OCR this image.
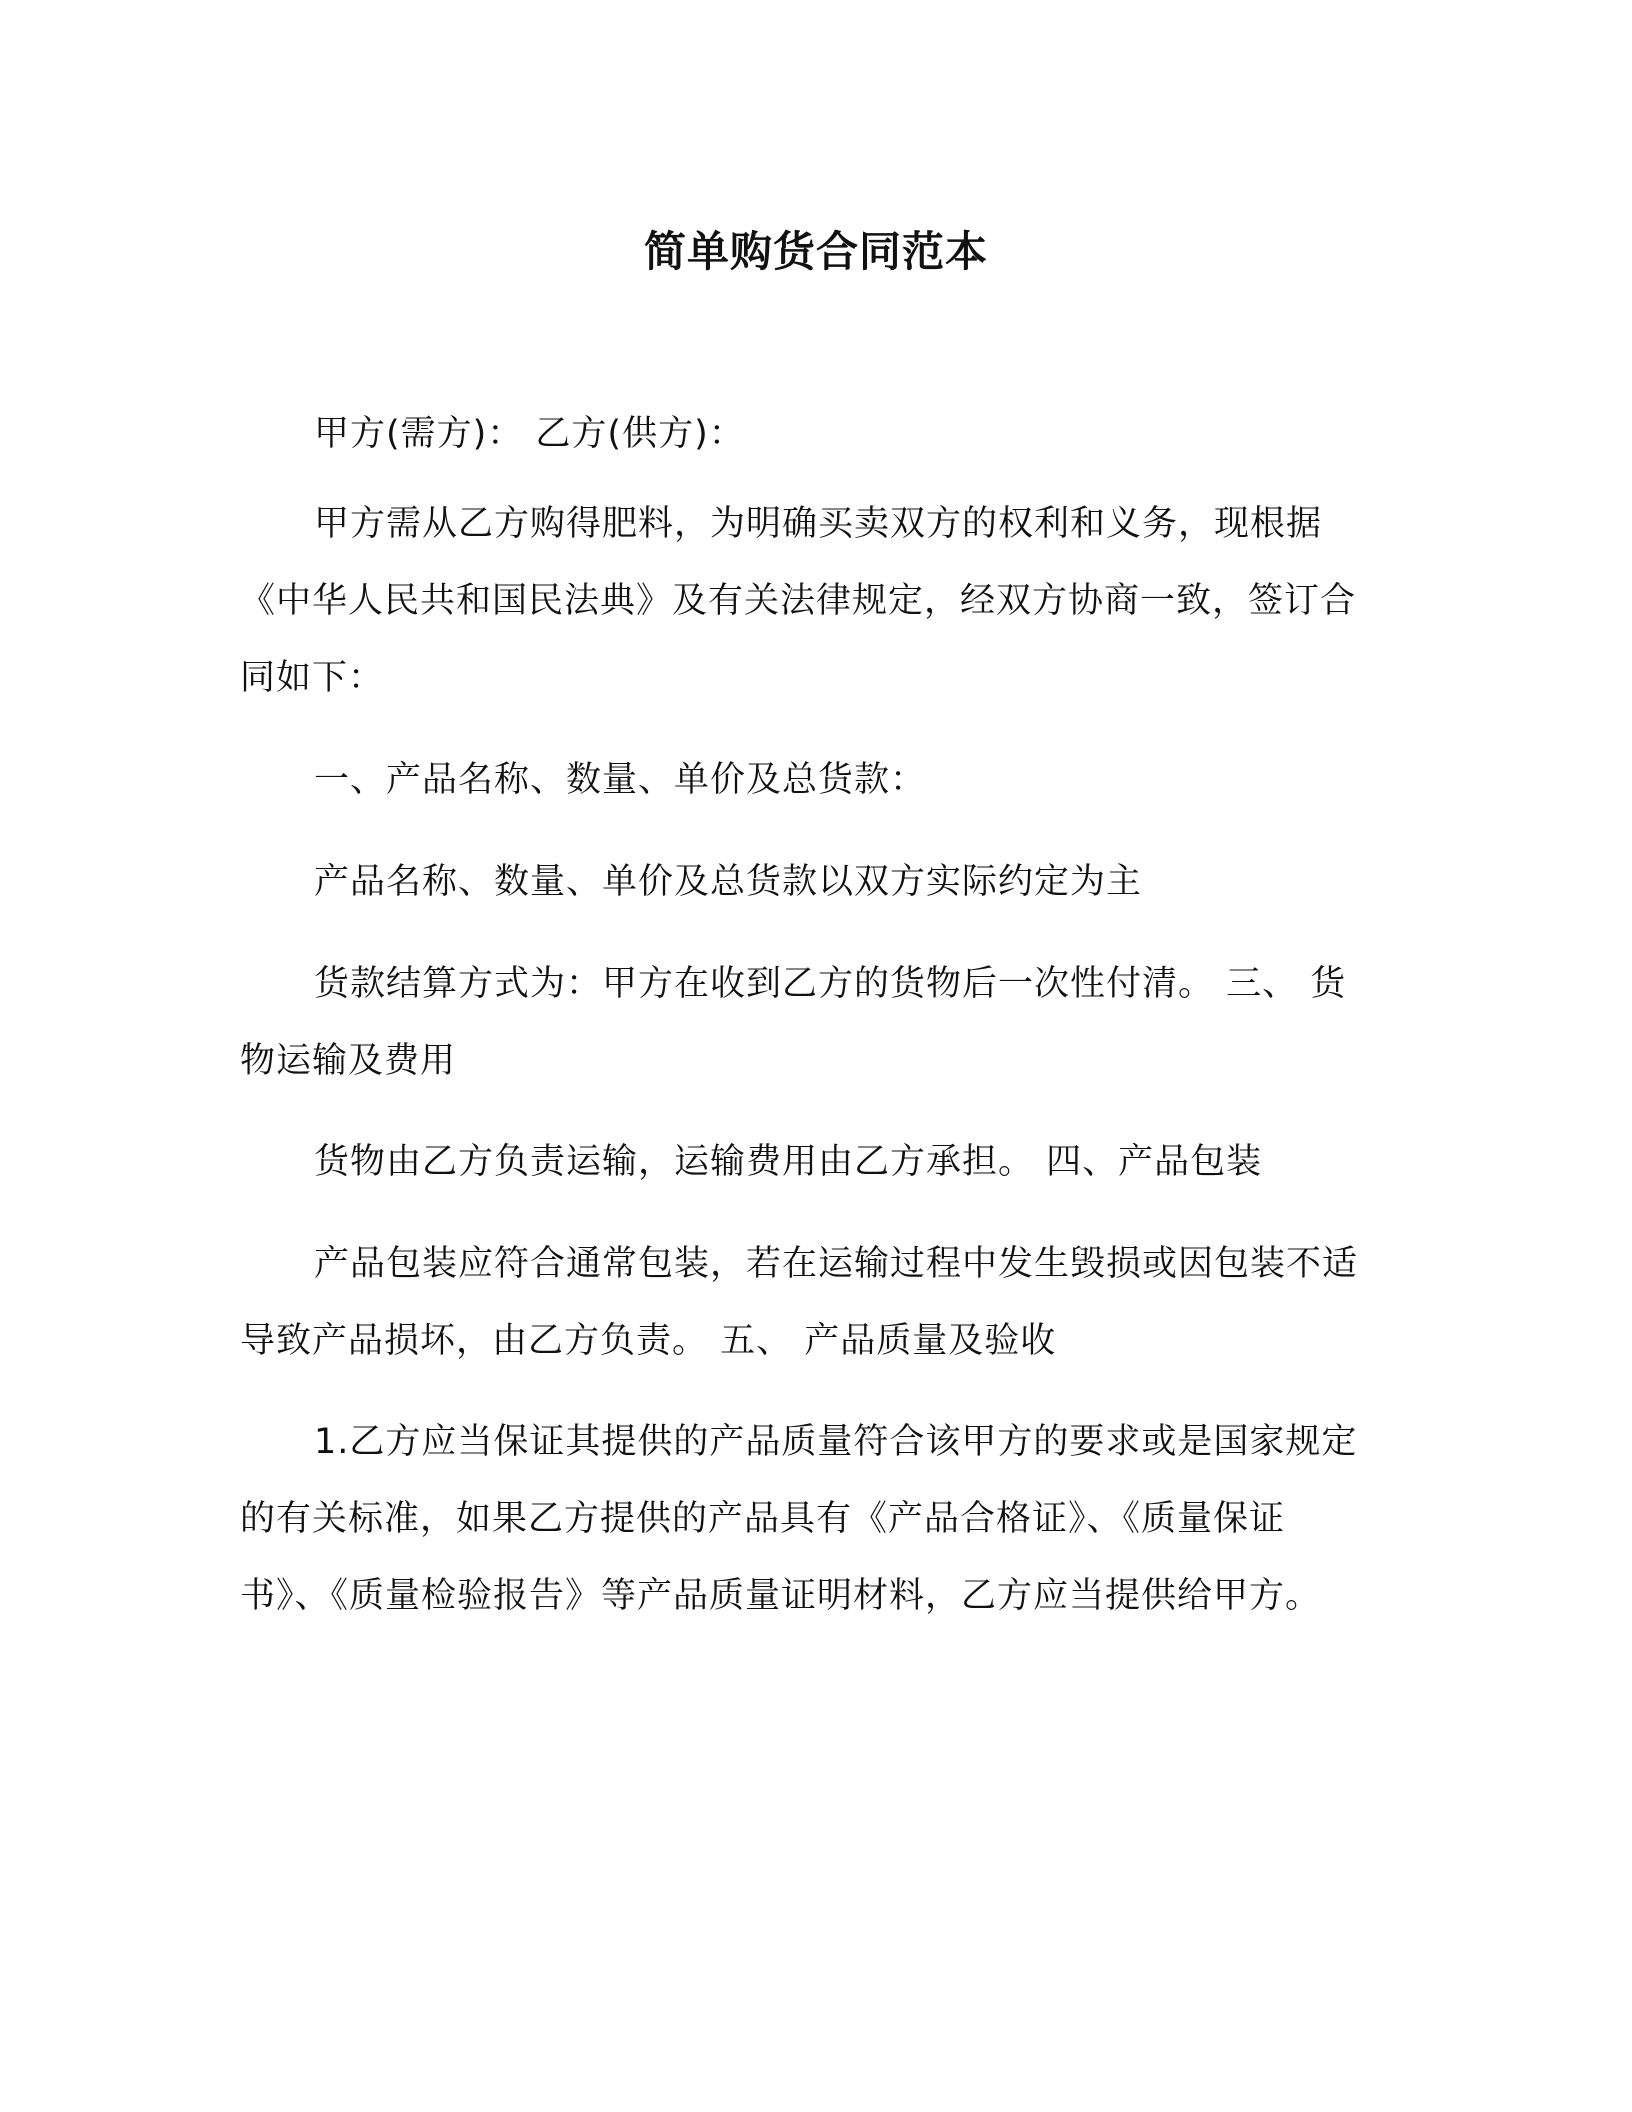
简单购货合同范本

甲方(需方)： 乙方(供方)：

甲方需从乙方购得肥料，为明确买卖双方的权利和义务，现根据《中华人民共和国民法典》及有关法律规定，经双方协商一致，签订合同如下：

一、产品名称、数量、单价及总货款：

产品名称、数量、单价及总货款以双方实际约定为主

货款结算方式为：甲方在收到乙方的货物后一次性付清。 三、 货物运输及费用

货物由乙方负责运输，运输费用由乙方承担。 四、产品包装

产品包装应符合通常包装，若在运输过程中发生毁损或因包装不适导致产品损坏，由乙方负责。 五、 产品质量及验收

1.乙方应当保证其提供的产品质量符合该甲方的要求或是国家规定的有关标准，如果乙方提供的产品具有《产品合格证》、《质量保证书》、《质量检验报告》等产品质量证明材料，乙方应当提供给甲方。
